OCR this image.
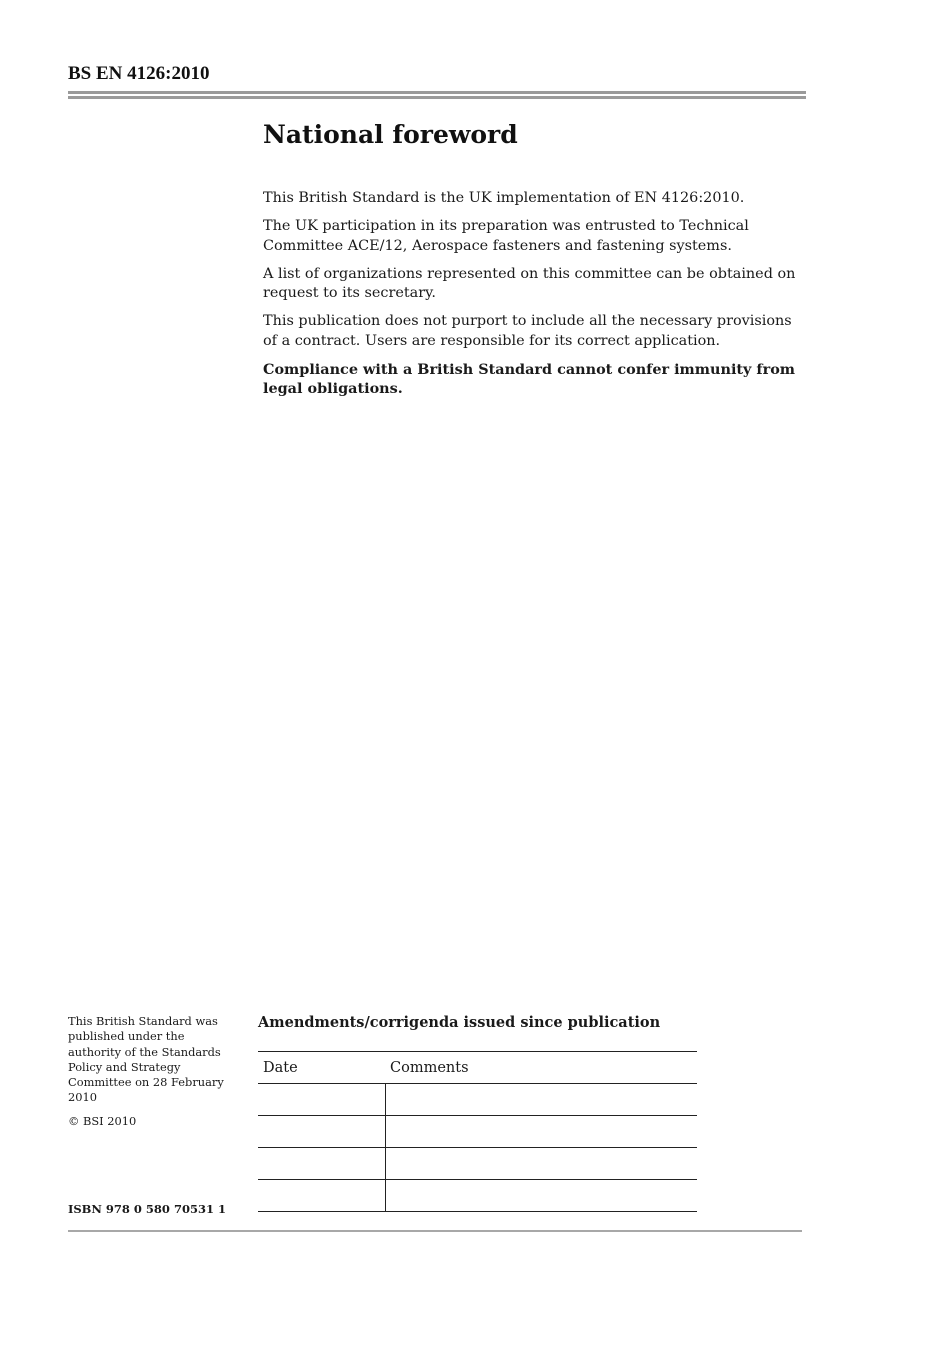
BS EN 4126:2010
National foreword

This British Standard is the UK implementation of EN 4126:2010.

The UK participation in its preparation was entrusted to Technical Committee ACE/12, Aerospace fasteners and fastening systems.

A list of organizations represented on this committee can be obtained on request to its secretary.

This publication does not purport to include all the necessary provisions of a contract. Users are responsible for its correct application.

Compliance with a British Standard cannot confer immunity from legal obligations.

This British Standard was published under the authority of the Standards Policy and Strategy Committee on 28 February 2010

© BSI 2010

ISBN 978 0 580 70531 1
Amendments/corrigenda issued since publication
Date	Comments
